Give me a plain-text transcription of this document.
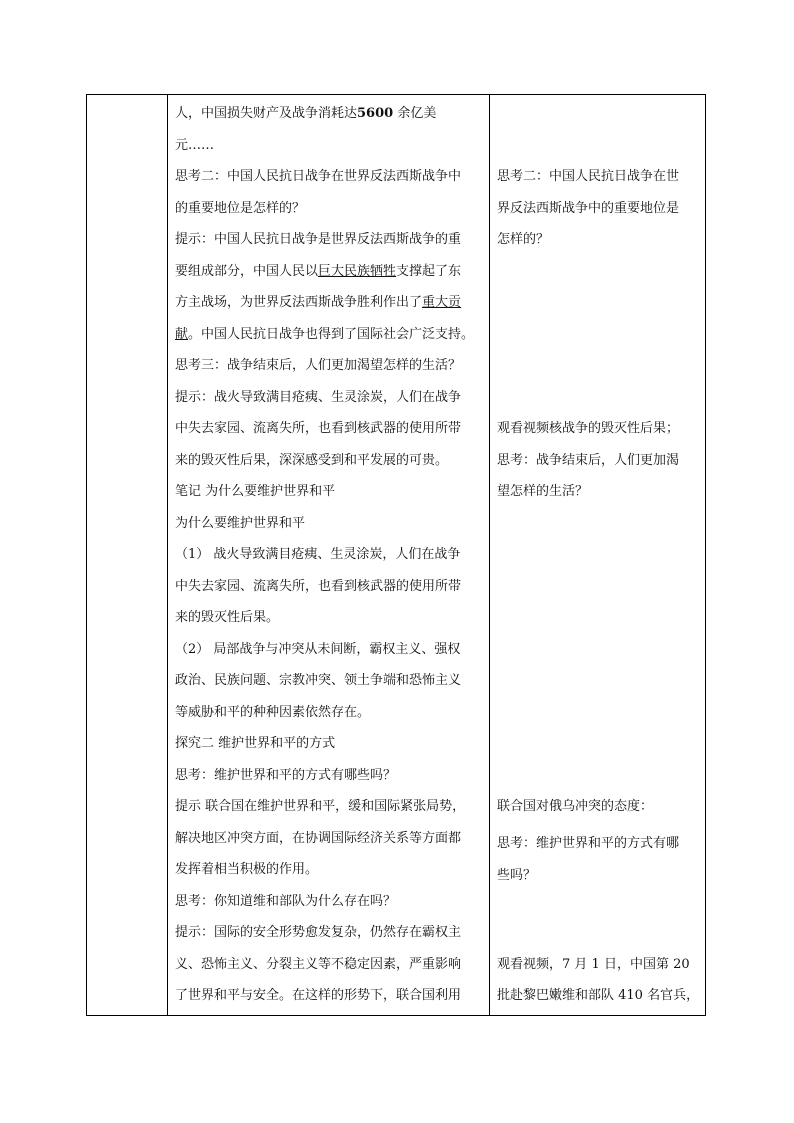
人，中国损失财产及战争消耗达5600 余亿美
元……
思考二：中国人民抗日战争在世界反法西斯战争中
的重要地位是怎样的？
提示：中国人民抗日战争是世界反法西斯战争的重
要组成部分，中国人民以巨大民族牺牲支撑起了东
方主战场，为世界反法西斯战争胜利作出了重大贡
献。中国人民抗日战争也得到了国际社会广泛支持。
思考三：战争结束后，人们更加渴望怎样的生活？
提示：战火导致满目疮痍、生灵涂炭，人们在战争
中失去家园、流离失所，也看到核武器的使用所带
来的毁灭性后果，深深感受到和平发展的可贵。
笔记 为什么要维护世界和平
为什么要维护世界和平
（1） 战火导致满目疮痍、生灵涂炭，人们在战争
中失去家园、流离失所，也看到核武器的使用所带
来的毁灭性后果。
（2） 局部战争与冲突从未间断，霸权主义、强权
政治、民族问题、宗教冲突、领土争端和恐怖主义
等威胁和平的种种因素依然存在。
探究二 维护世界和平的方式
思考：维护世界和平的方式有哪些吗？
提示 联合国在维护世界和平，缓和国际紧张局势，
解决地区冲突方面，在协调国际经济关系等方面都
发挥着相当积极的作用。
思考：你知道维和部队为什么存在吗？
提示：国际的安全形势愈发复杂，仍然存在霸权主
义、恐怖主义、分裂主义等不稳定因素，严重影响
了世界和平与安全。在这样的形势下，联合国利用
思考二：中国人民抗日战争在世
界反法西斯战争中的重要地位是
怎样的？
观看视频核战争的毁灭性后果；
思考：战争结束后，人们更加渴
望怎样的生活？
联合国对俄乌冲突的态度：
思考：维护世界和平的方式有哪
些吗？
观看视频，7 月 1 日，中国第 20
批赴黎巴嫩维和部队 410 名官兵，
